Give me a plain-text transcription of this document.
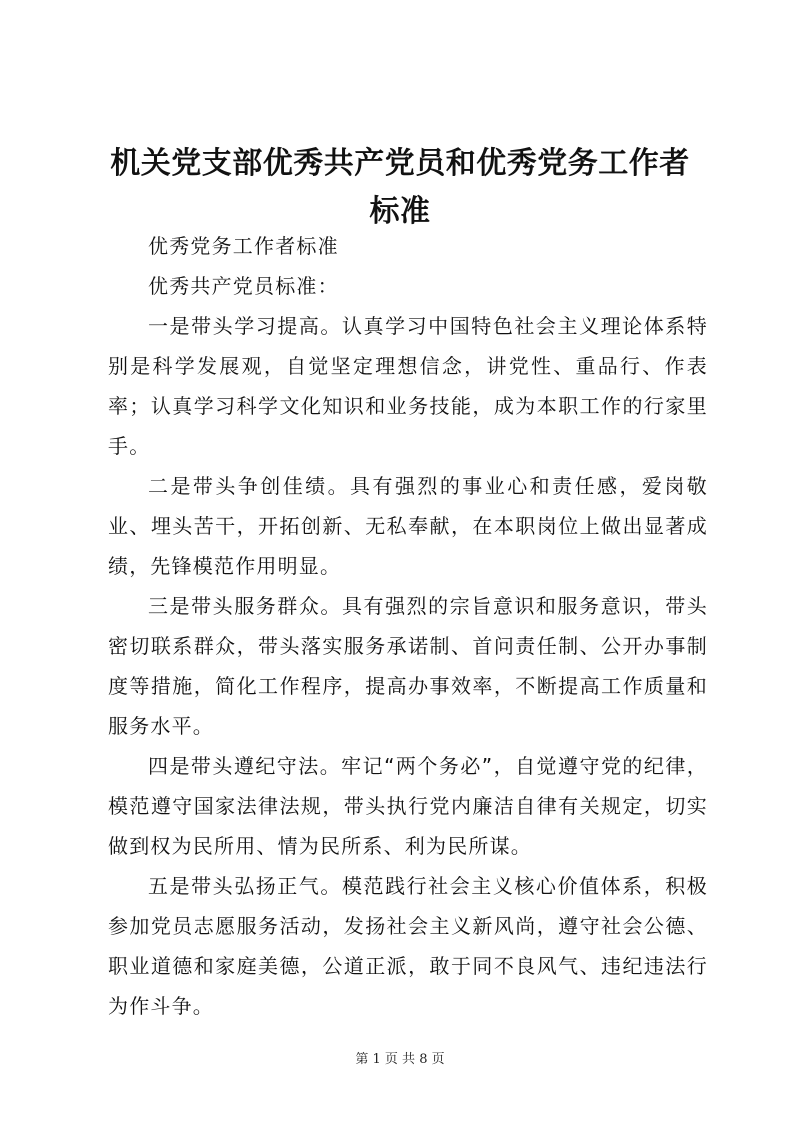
机关党支部优秀共产党员和优秀党务工作者标准

优秀党务工作者标准

优秀共产党员标准：

一是带头学习提高。认真学习中国特色社会主义理论体系特别是科学发展观，自觉坚定理想信念，讲党性、重品行、作表率；认真学习科学文化知识和业务技能，成为本职工作的行家里手。

二是带头争创佳绩。具有强烈的事业心和责任感，爱岗敬业、埋头苦干，开拓创新、无私奉献，在本职岗位上做出显著成绩，先锋模范作用明显。

三是带头服务群众。具有强烈的宗旨意识和服务意识，带头密切联系群众，带头落实服务承诺制、首问责任制、公开办事制度等措施，简化工作程序，提高办事效率，不断提高工作质量和服务水平。

四是带头遵纪守法。牢记“两个务必”，自觉遵守党的纪律，模范遵守国家法律法规，带头执行党内廉洁自律有关规定，切实做到权为民所用、情为民所系、利为民所谋。

五是带头弘扬正气。模范践行社会主义核心价值体系，积极参加党员志愿服务活动，发扬社会主义新风尚，遵守社会公德、职业道德和家庭美德，公道正派，敢于同不良风气、违纪违法行为作斗争。

第 1 页 共 8 页
